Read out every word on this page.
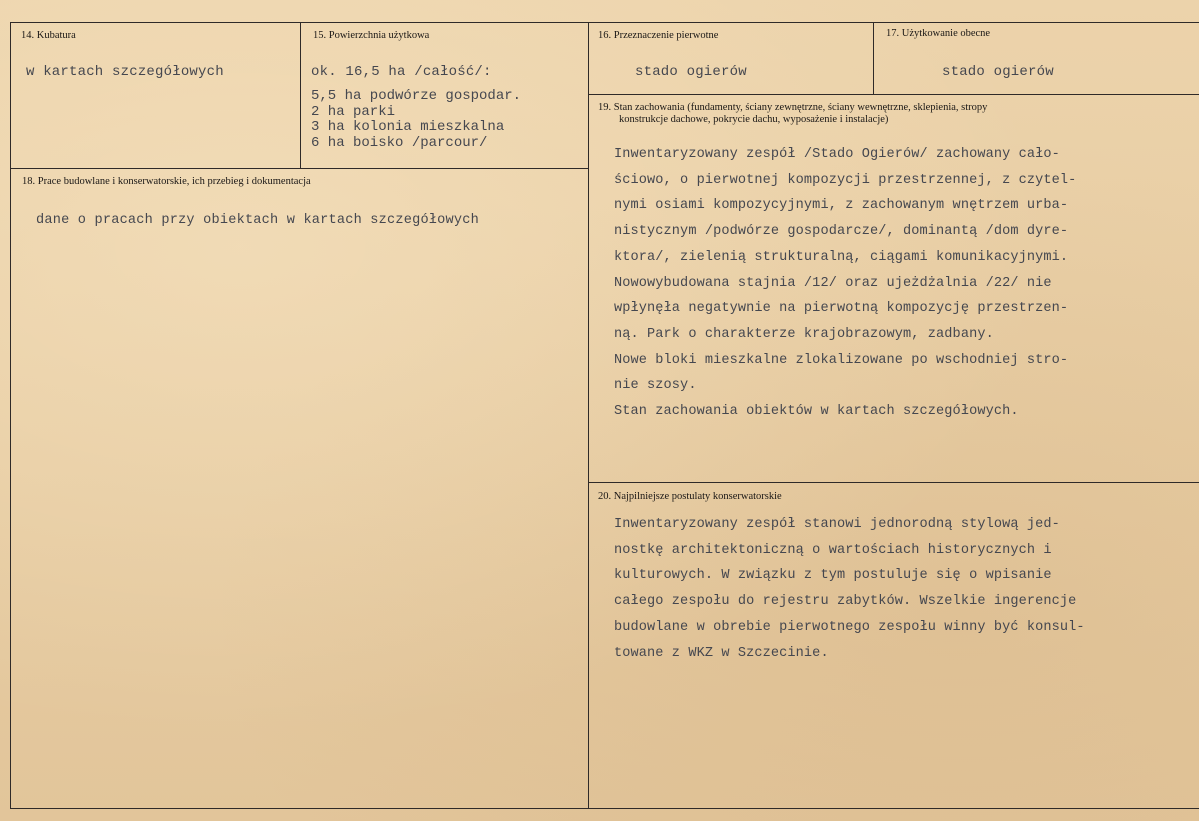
14. Kubatura
w kartach szczegółowych
15. Powierzchnia użytkowa
ok. 16,5 ha /całość/:
5,5 ha podwórze gospodar.
2 ha parki
3 ha kolonia mieszkalna
6 ha boisko /parcour/
16. Przeznaczenie pierwotne
stado ogierów
17. Użytkowanie obecne
stado ogierów
18. Prace budowlane i konserwatorskie, ich przebieg i dokumentacja
dane o pracach przy obiektach w kartach szczegółowych
19. Stan zachowania (fundamenty, ściany zewnętrzne, ściany wewnętrzne, sklepienia, stropy
konstrukcje dachowe, pokrycie dachu, wyposażenie i instalacje)
Inwentaryzowany zespół /Stado Ogierów/ zachowany cało-
ściowo, o pierwotnej kompozycji przestrzennej, z czytel-
nymi osiami kompozycyjnymi, z zachowanym wnętrzem urba-
nistycznym /podwórze gospodarcze/, dominantą /dom dyre-
ktora/, zielenią strukturalną, ciągami komunikacyjnymi.
Nowowybudowana stajnia /12/ oraz ujeżdżalnia /22/ nie
wpłynęła negatywnie na pierwotną kompozycję przestrzen-
ną. Park o charakterze krajobrazowym, zadbany.
Nowe bloki mieszkalne zlokalizowane po wschodniej stro-
nie szosy.
Stan zachowania obiektów w kartach szczegółowych.
20. Najpilniejsze postulaty konserwatorskie
Inwentaryzowany zespół stanowi jednorodną stylową jed-
nostkę architektoniczną o wartościach historycznych i
kulturowych. W związku z tym postuluje się o wpisanie
całego zespołu do rejestru zabytków. Wszelkie ingerencje
budowlane w obrebie pierwotnego zespołu winny być konsul-
towane z WKZ w Szczecinie.
